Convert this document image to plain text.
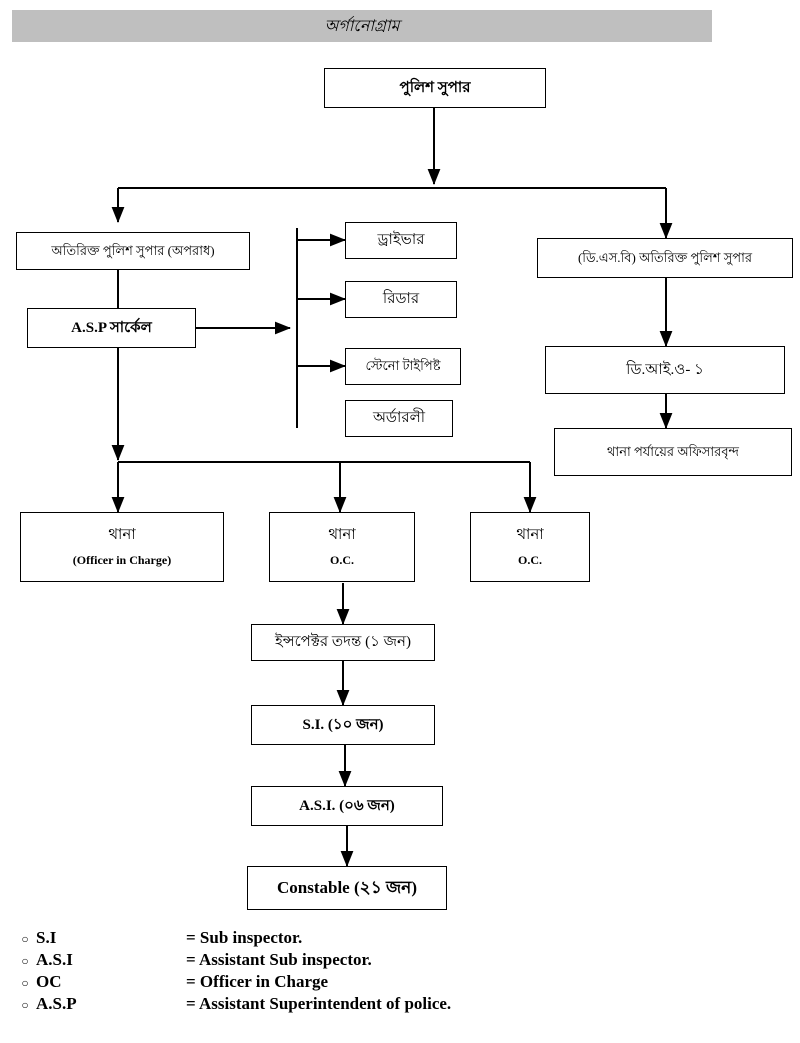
অর্গানোগ্রাম
পুলিশ সুপার
অতিরিক্ত পুলিশ সুপার (অপরাধ)
A.S.P সার্কেল
ড্রাইভার
রিডার
স্টেনো টাইপিষ্ট
অর্ডারলী
(ডি.এস.বি) অতিরিক্ত পুলিশ সুপার
ডি.আই.ও- ১
থানা পর্যায়ের অফিসারবৃন্দ
থানা
(Officer in Charge)
থানা
O.C.
থানা
O.C.
ইন্সপেক্টর তদন্ত (১ জন)
S.I. (১০ জন)
A.S.I. (০৬ জন)
Constable (২১ জন)
○ S.I	= Sub inspector.
○ A.S.I	= Assistant Sub inspector.
○ OC	= Officer in Charge
○ A.S.P	= Assistant Superintendent of police.
